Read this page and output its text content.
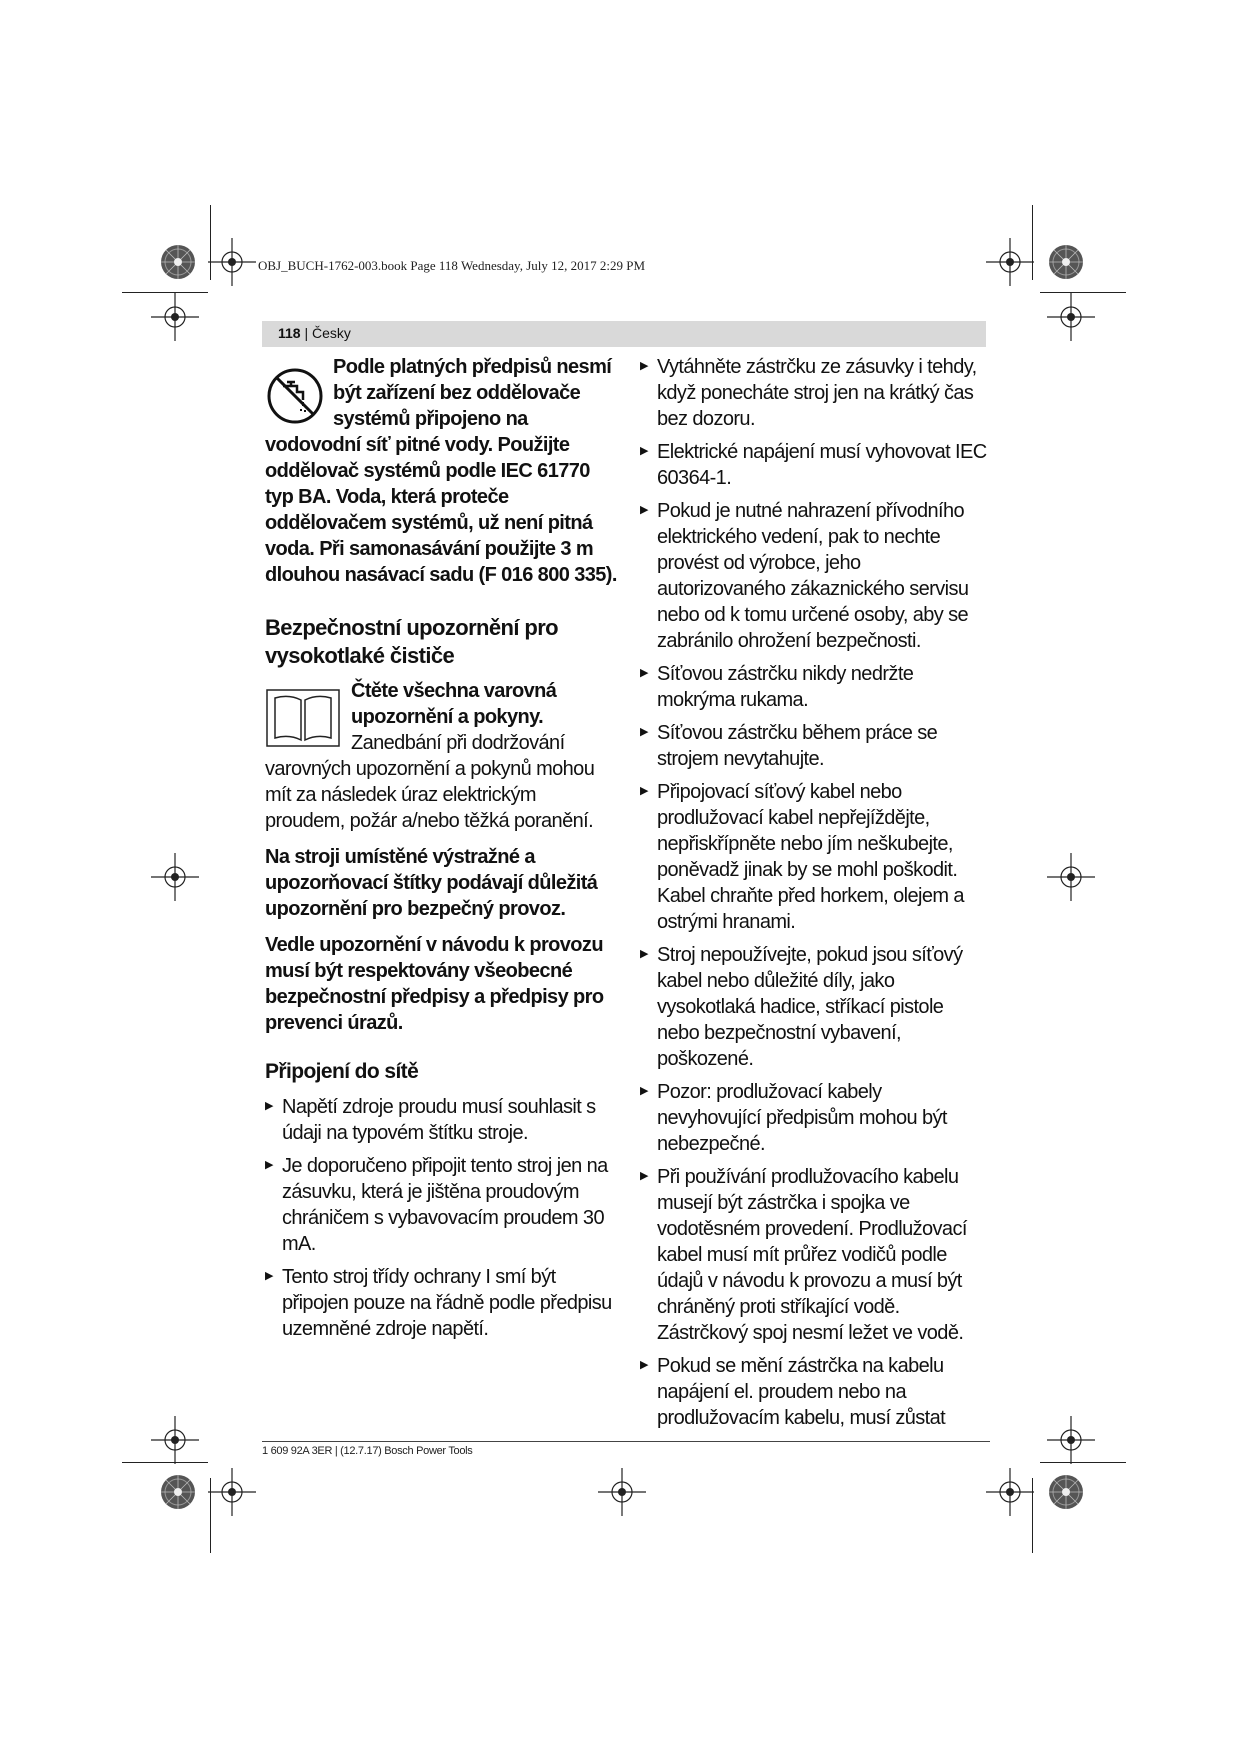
OBJ_BUCH-1762-003.book Page 118 Wednesday, July 12, 2017 2:29 PM
118 | Česky

Podle platných předpisů nesmí být zařízení bez oddělovače systémů připojeno na vodovodní síť pitné vody. Použijte oddělovač systémů podle IEC 61770 typ BA. Voda, která proteče oddělovačem systémů, už není pitná voda. Při samonasávání použijte 3 m dlouhou nasávací sadu (F 016 800 335).

Bezpečnostní upozornění pro vysokotlaké čističe

Čtěte všechna varovná upozornění a pokyny. Zanedbání při dodržování varovných upozornění a pokynů mohou mít za následek úraz elektrickým proudem, požár a/nebo těžká poranění.

Na stroji umístěné výstražné a upozorňovací štítky podávají důležitá upozornění pro bezpečný provoz.

Vedle upozornění v návodu k provozu musí být respektovány všeobecné bezpečnostní předpisy a předpisy pro prevenci úrazů.

Připojení do sítě

▶ Napětí zdroje proudu musí souhlasit s údaji na typovém štítku stroje.
▶ Je doporučeno připojit tento stroj jen na zásuvku, která je jištěna proudovým chráničem s vybavovacím proudem 30 mA.
▶ Tento stroj třídy ochrany I smí být připojen pouze na řádně podle předpisu uzemněné zdroje napětí.
▶ Vytáhněte zástrčku ze zásuvky i tehdy, když ponecháte stroj jen na krátký čas bez dozoru.
▶ Elektrické napájení musí vyhovovat IEC 60364-1.
▶ Pokud je nutné nahrazení přívodního elektrického vedení, pak to nechte provést od výrobce, jeho autorizovaného zákaznického servisu nebo od k tomu určené osoby, aby se zabránilo ohrožení bezpečnosti.
▶ Síťovou zástrčku nikdy nedržte mokrýma rukama.
▶ Síťovou zástrčku během práce se strojem nevytahujte.
▶ Připojovací síťový kabel nebo prodlužovací kabel nepřejíždějte, nepřiskřípněte nebo jím neškubejte, poněvadž jinak by se mohl poškodit. Kabel chraňte před horkem, olejem a ostrými hranami.
▶ Stroj nepoužívejte, pokud jsou síťový kabel nebo důležité díly, jako vysokotlaká hadice, stříkací pistole nebo bezpečnostní vybavení, poškozené.
▶ Pozor: prodlužovací kabely nevyhovující předpisům mohou být nebezpečné.
▶ Při používání prodlužovacího kabelu musejí být zástrčka i spojka ve vodotěsném provedení. Prodlužovací kabel musí mít průřez vodičů podle údajů v návodu k provozu a musí být chráněný proti stříkající vodě. Zástrčkový spoj nesmí ležet ve vodě.
▶ Pokud se mění zástrčka na kabelu napájení el. proudem nebo na prodlužovacím kabelu, musí zůstat
1 609 92A 3ER | (12.7.17) Bosch Power Tools
